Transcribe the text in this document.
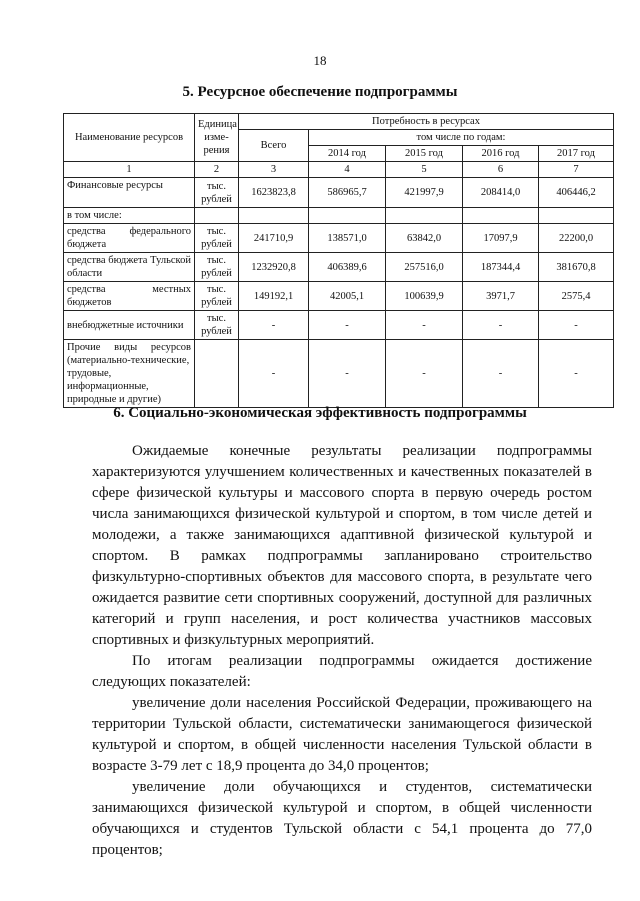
18
5. Ресурсное обеспечение подпрограммы
Наименование ресурсов	Единица изме- рения	Потребность в ресурсах				
		Всего	том числе по годам:			
			2014 год	2015 год	2016 год	2017 год
1	2	3	4	5	6	7
Финансовые ресурсы	тыс. рублей	1623823,8	586965,7	421997,9	208414,0	406446,2
в том числе:						
средства федерального бюджета	тыс. рублей	241710,9	138571,0	63842,0	17097,9	22200,0
средства бюджета Тульской области	тыс. рублей	1232920,8	406389,6	257516,0	187344,4	381670,8
средства местных бюджетов	тыс. рублей	149192,1	42005,1	100639,9	3971,7	2575,4
внебюджетные источники	тыс. рублей	-	-	-	-	-
Прочие виды ресурсов (материально-технические, трудовые, информационные, природные и другие)		-	-	-	-	-
6. Социально-экономическая эффективность подпрограммы

Ожидаемые конечные результаты реализации подпрограммы характеризуются улучшением количественных и качественных показателей в сфере физической культуры и массового спорта в первую очередь ростом числа занимающихся физической культурой и спортом, в том числе детей и молодежи, а также занимающихся адаптивной физической культурой и спортом. В рамках подпрограммы запланировано строительство физкультурно-спортивных объектов для массового спорта, в результате чего ожидается развитие сети спортивных сооружений, доступной для различных категорий и групп населения, и рост количества участников массовых спортивных и физкультурных мероприятий.

По итогам реализации подпрограммы ожидается достижение следующих показателей:

увеличение доли населения Российской Федерации, проживающего на территории Тульской области, систематически занимающегося физической культурой и спортом, в общей численности населения Тульской области в возрасте 3-79 лет с 18,9 процента до 34,0 процентов;

увеличение доли обучающихся и студентов, систематически занимающихся физической культурой и спортом, в общей численности обучающихся и студентов Тульской области с 54,1 процента до 77,0 процентов;
